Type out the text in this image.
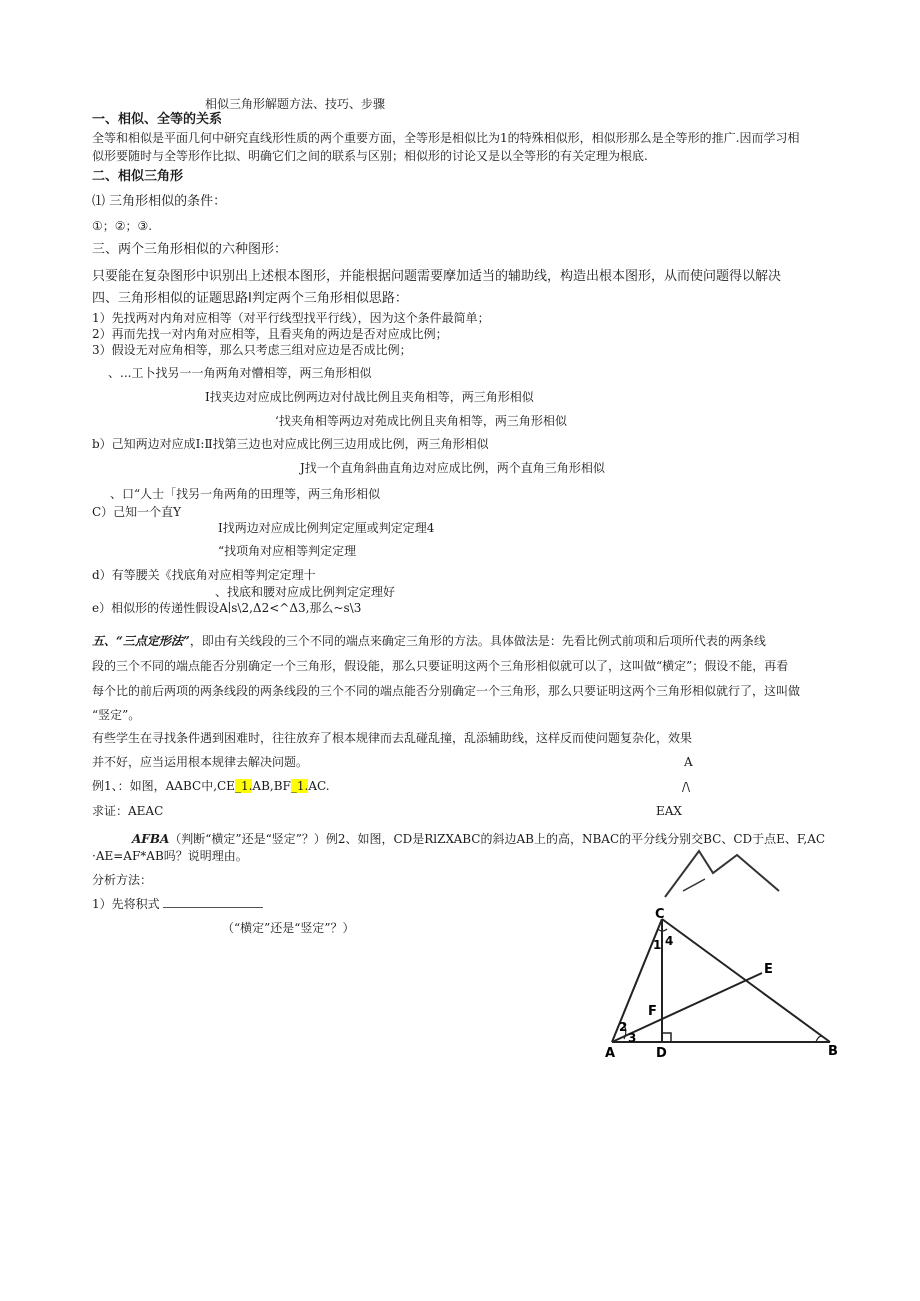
相似三角形解题方法、技巧、步骤
一、相似、全等的关系
全等和相似是平面几何中研究直线形性质的两个重要方面，全等形是相似比为1的特殊相似形，相似形那么是全等形的推广.因而学习相
似形要随时与全等形作比拟、明确它们之间的联系与区别；相似形的讨论又是以全等形的有关定理为根底.
二、相似三角形
⑴ 三角形相似的条件：
①；②；③.
三、两个三角形相似的六种图形：
只要能在复杂图形中识别出上述根本图形，并能根据问题需要摩加适当的辅助线，构造出根本图形，从而使问题得以解决
四、三角形相似的证题思路I判定两个三角形相似思路：
1）先找两对内角对应相等（对平行线型找平行线），因为这个条件最简单；
2）再而先找一对内角对应相等，且看夹角的两边是否对应成比例；
3）假设无对应角相等，那么只考虑三组对应边是否成比例；
、...工卜找另一一角两角对懵相等，两三角形相似
I找夹边对应成比例两边对付战比例且夹角相等，两三角形相似
‘找夹角相等两边对苑成比例且夹角相等，两三角形相似
b）己知两边对应成I:Ⅱ找第三边也对应成比例三边用成比例，两三角形相似
J找一个直角斜曲直角边对应成比例，两个直角三角形相似
、口“人士「找另一角两角的田理等，两三角形相似
C）己知一个直Y
I找两边对应成比例判定定厘或判定定理4
“找项角对应相等判定定理
d）有等腰关《找底角对应相等判定定理十
、找底和腰对应成比例判定定理好
e）相似形的传递性假设A∣s\2,Δ2<^Δ3,那么~s\3
五、“三点定形法”，即由有关线段的三个不同的端点来确定三角形的方法。具体做法是：先看比例式前项和后项所代表的两条线
段的三个不同的端点能否分别确定一个三角形，假设能，那么只要证明这两个三角形相似就可以了，这叫做“横定”；假设不能，再看
每个比的前后两项的两条线段的两条线段的三个不同的端点能否分别确定一个三角形，那么只要证明这两个三角形相似就行了，这叫做
“竖定”。
有些学生在寻找条件遇到困难时，往往放弃了根本规律而去乱碰乱撞，乱添辅助线，这样反而使问题复杂化，效果
并不好，应当运用根本规律去解决问题。
例1、：如图，AABC中,CE_1.AB,BF_1.AC.
求证：AEAC
A
/\
EAX
AFBA（判断“横定”还是“竖定”？）例2、如图，CD是RlZXABC的斜边AB上的高，NBAC的平分线分别交BC、CD于点E、F,AC
·AE=AF*AB吗？说明理由。
分析方法：
1）先将积式
（“横定”还是“竖定”？）
C
A	D	B
E
F
1 4
2
3
